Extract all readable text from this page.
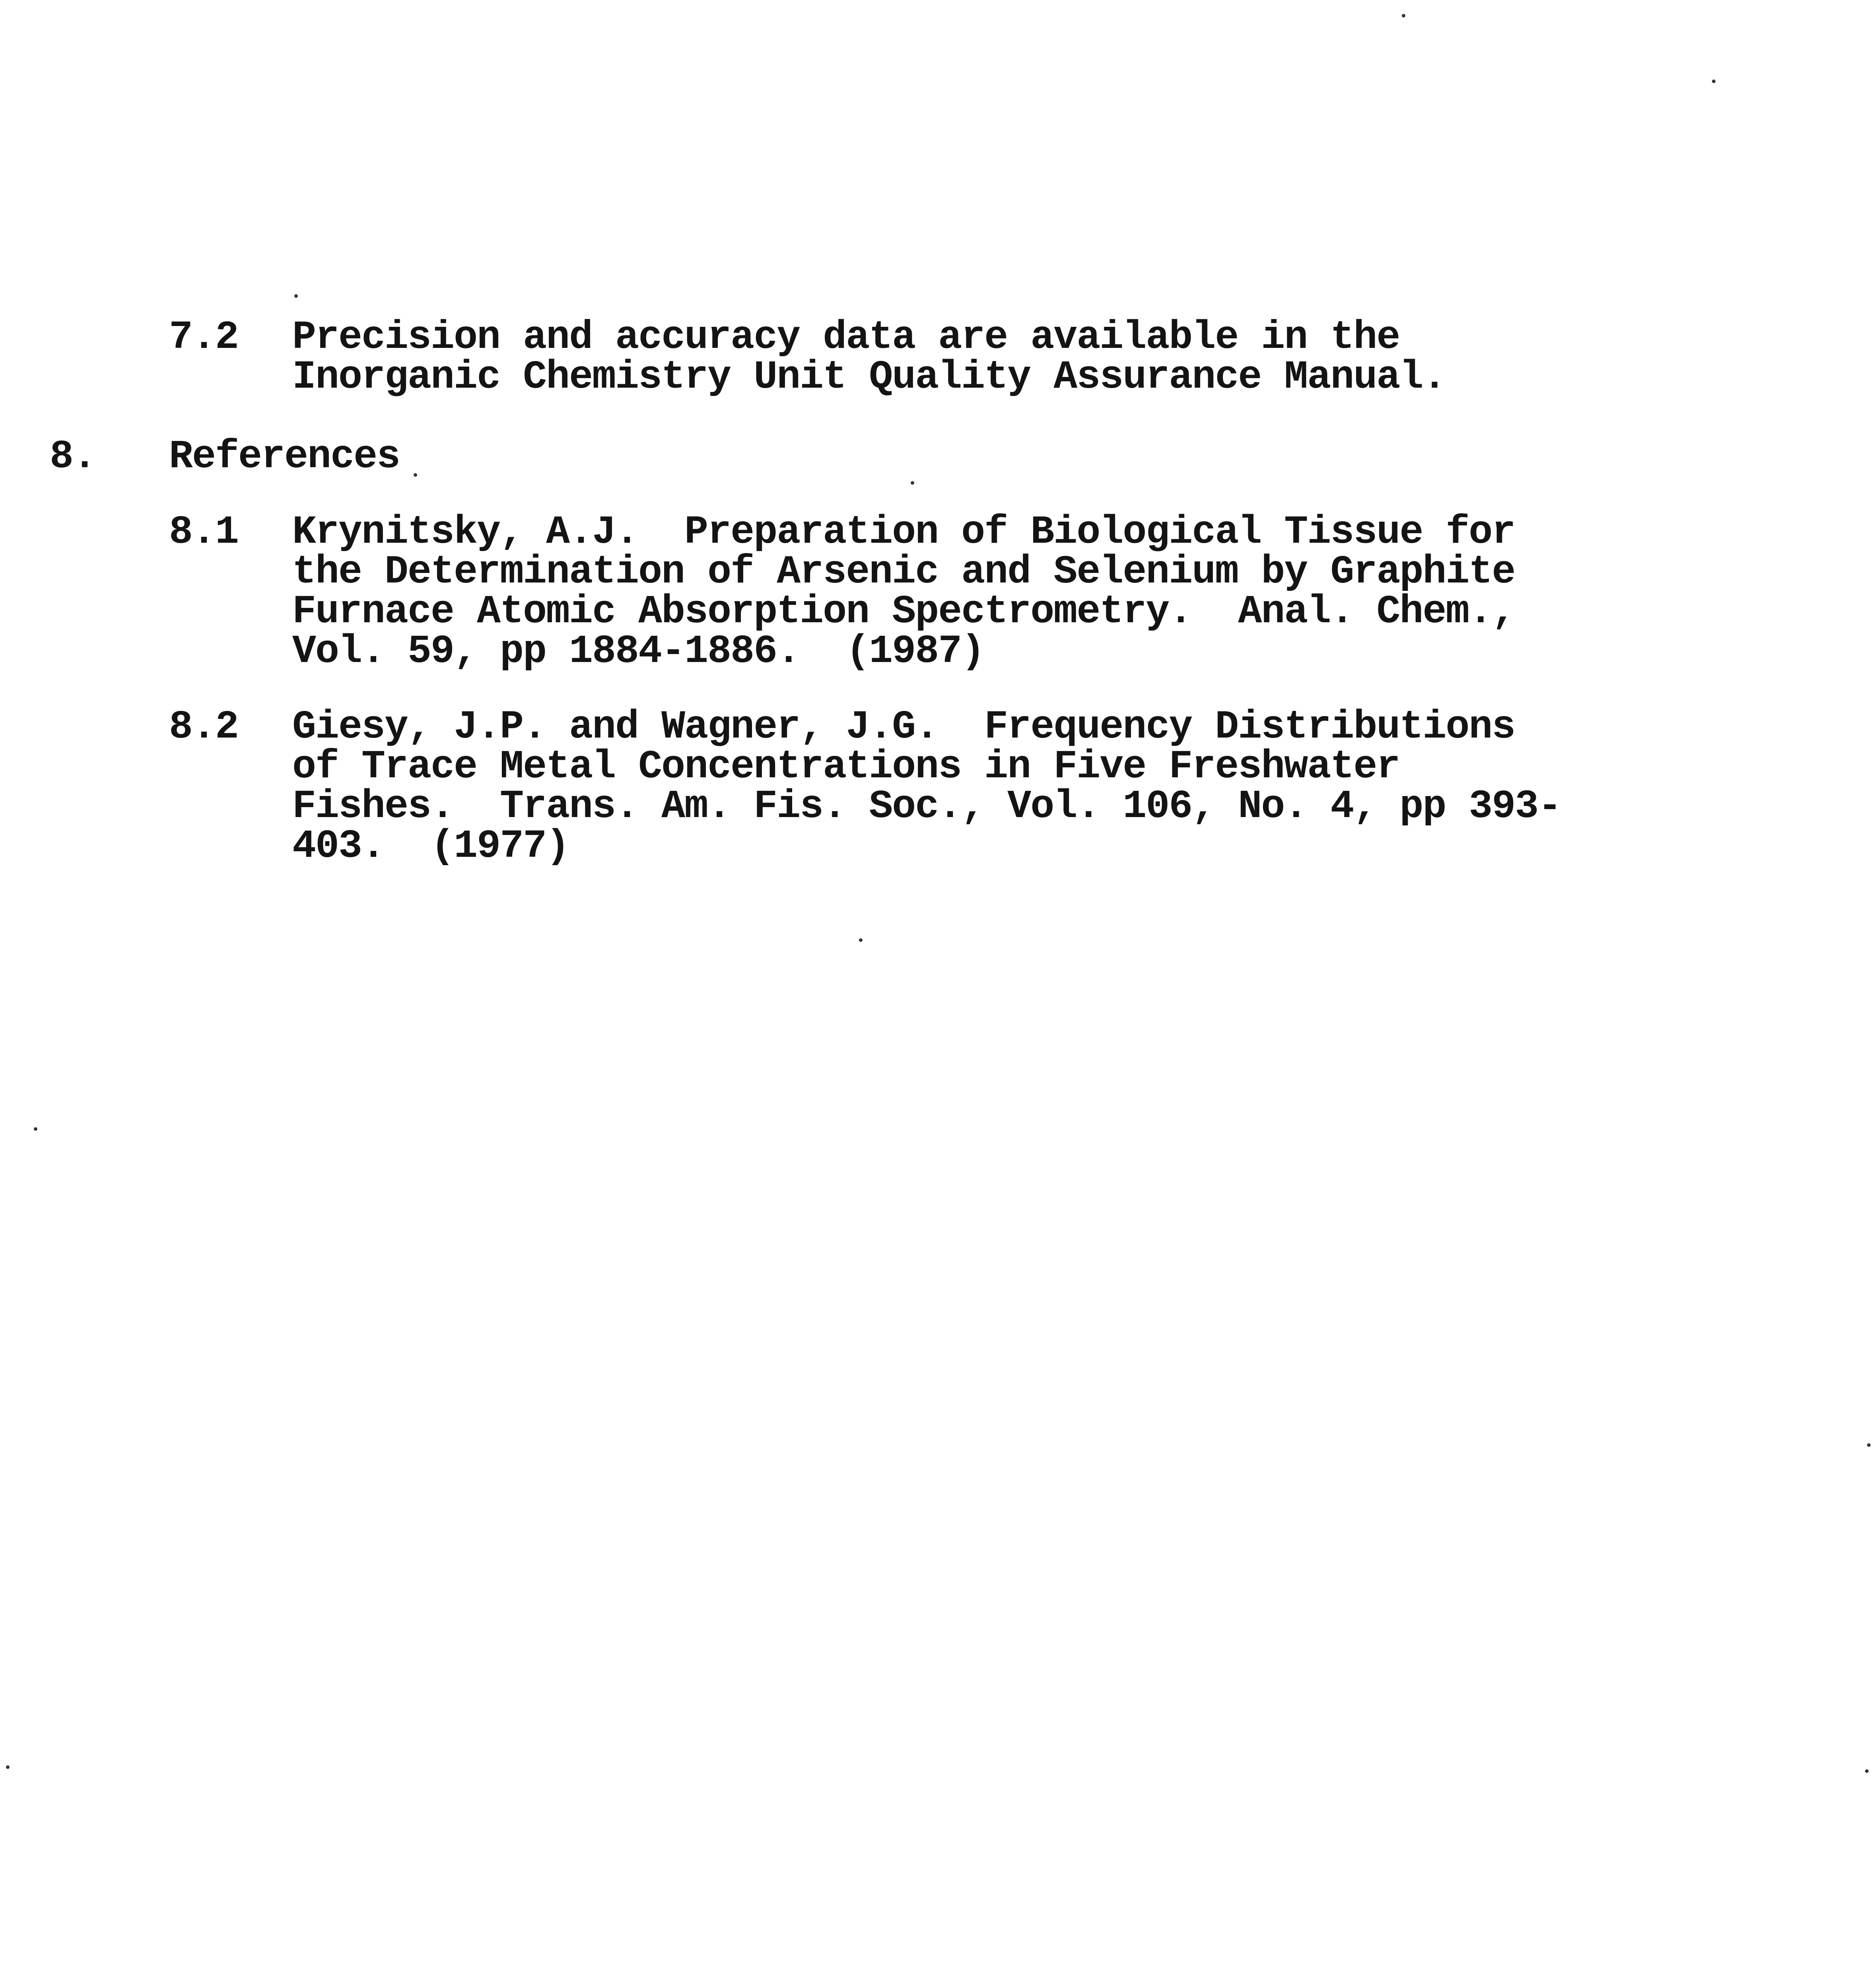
7.2 Precision and accuracy data are available in the
Inorganic Chemistry Unit Quality Assurance Manual.
8. References
8.1 Krynitsky, A.J.  Preparation of Biological Tissue for
the Determination of Arsenic and Selenium by Graphite
Furnace Atomic Absorption Spectrometry.  Anal. Chem.,
Vol. 59, pp 1884-1886.  (1987)
8.2 Giesy, J.P. and Wagner, J.G.  Frequency Distributions
of Trace Metal Concentrations in Five Freshwater
Fishes.  Trans. Am. Fis. Soc., Vol. 106, No. 4, pp 393-
403.  (1977)
